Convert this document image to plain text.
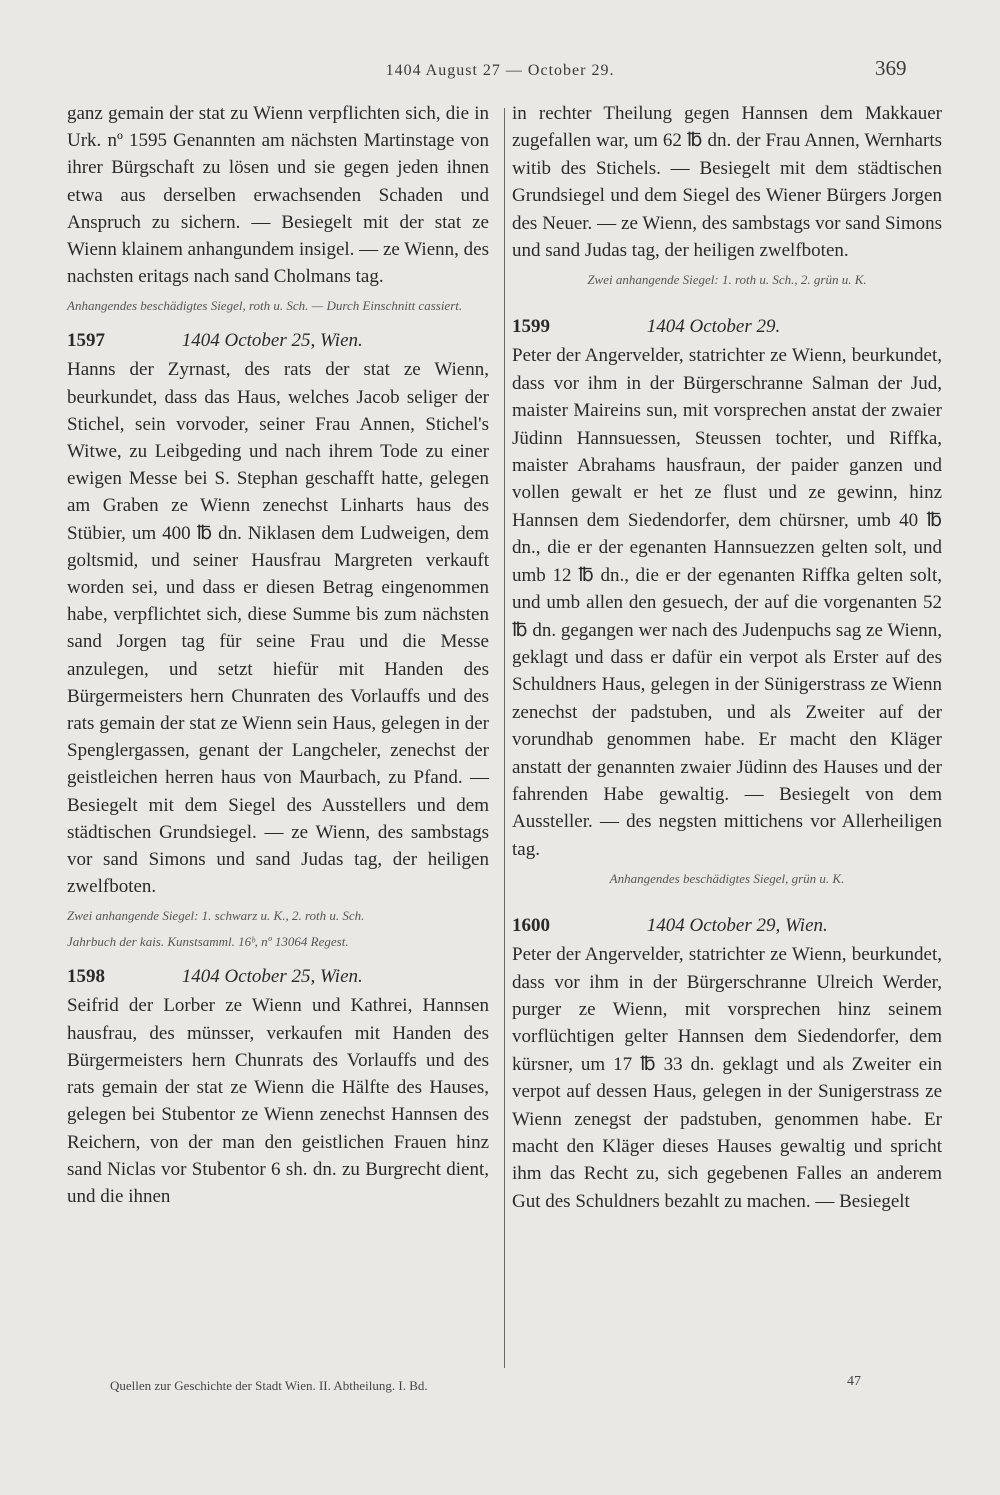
1404 August 27 — October 29.	369

ganz gemain der stat zu Wienn verpflichten sich, die in Urk. nº 1595 Genannten am nächsten Martinstage von ihrer Bürgschaft zu lösen und sie gegen jeden ihnen etwa aus derselben erwachsenden Schaden und Anspruch zu sichern. — Besiegelt mit der stat ze Wienn klainem anhangundem insigel. — ze Wienn, des nachsten eritags nach sand Cholmans tag.

Anhangendes beschädigtes Siegel, roth u. Sch. — Durch Einschnitt cassiert.

1597	1404 October 25, Wien.

Hanns der Zyrnast, des rats der stat ze Wienn, beurkundet, dass das Haus, welches Jacob seliger der Stichel, sein vorvoder, seiner Frau Annen, Stichel's Witwe, zu Leibgeding und nach ihrem Tode zu einer ewigen Messe bei S. Stephan geschafft hatte, gelegen am Graben ze Wienn zenechst Linharts haus des Stübier, um 400 ℔ dn. Niklasen dem Ludweigen, dem goltsmid, und seiner Hausfrau Margreten verkauft worden sei, und dass er diesen Betrag eingenommen habe, verpflichtet sich, diese Summe bis zum nächsten sand Jorgen tag für seine Frau und die Messe anzulegen, und setzt hiefür mit Handen des Bürgermeisters hern Chunraten des Vorlauffs und des rats gemain der stat ze Wienn sein Haus, gelegen in der Spenglergassen, genant der Langcheler, zenechst der geistleichen herren haus von Maurbach, zu Pfand. — Besiegelt mit dem Siegel des Ausstellers und dem städtischen Grundsiegel. — ze Wienn, des sambstags vor sand Simons und sand Judas tag, der heiligen zwelfboten.

Zwei anhangende Siegel: 1. schwarz u. K., 2. roth u. Sch.

Jahrbuch der kais. Kunstsamml. 16ᵇ, nº 13064 Regest.

1598	1404 October 25, Wien.

Seifrid der Lorber ze Wienn und Kathrei, Hannsen hausfrau, des münsser, verkaufen mit Handen des Bürgermeisters hern Chunrats des Vorlauffs und des rats gemain der stat ze Wienn die Hälfte des Hauses, gelegen bei Stubentor ze Wienn zenechst Hannsen des Reichern, von der man den geistlichen Frauen hinz sand Niclas vor Stubentor 6 sh. dn. zu Burgrecht dient, und die ihnen

in rechter Theilung gegen Hannsen dem Makkauer zugefallen war, um 62 ℔ dn. der Frau Annen, Wernharts witib des Stichels. — Besiegelt mit dem städtischen Grundsiegel und dem Siegel des Wiener Bürgers Jorgen des Neuer. — ze Wienn, des sambstags vor sand Simons und sand Judas tag, der heiligen zwelfboten.

Zwei anhangende Siegel: 1. roth u. Sch., 2. grün u. K.

1599	1404 October 29.

Peter der Angervelder, statrichter ze Wienn, beurkundet, dass vor ihm in der Bürgerschranne Salman der Jud, maister Maireins sun, mit vorsprechen anstat der zwaier Jüdinn Hannsuessen, Steussen tochter, und Riffka, maister Abrahams hausfraun, der paider ganzen und vollen gewalt er het ze flust und ze gewinn, hinz Hannsen dem Siedendorfer, dem chürsner, umb 40 ℔ dn., die er der egenanten Hannsuezzen gelten solt, und umb 12 ℔ dn., die er der egenanten Riffka gelten solt, und umb allen den gesuech, der auf die vorgenanten 52 ℔ dn. gegangen wer nach des Judenpuchs sag ze Wienn, geklagt und dass er dafür ein verpot als Erster auf des Schuldners Haus, gelegen in der Sünigerstrass ze Wienn zenechst der padstuben, und als Zweiter auf der vorundhab genommen habe. Er macht den Kläger anstatt der genannten zwaier Jüdinn des Hauses und der fahrenden Habe gewaltig. — Besiegelt von dem Aussteller. — des negsten mittichens vor Allerheiligen tag.

Anhangendes beschädigtes Siegel, grün u. K.

1600	1404 October 29, Wien.

Peter der Angervelder, statrichter ze Wienn, beurkundet, dass vor ihm in der Bürgerschranne Ulreich Werder, purger ze Wienn, mit vorsprechen hinz seinem vorflüchtigen gelter Hannsen dem Siedendorfer, dem kürsner, um 17 ℔ 33 dn. geklagt und als Zweiter ein verpot auf dessen Haus, gelegen in der Sunigerstrass ze Wienn zenegst der padstuben, genommen habe. Er macht den Kläger dieses Hauses gewaltig und spricht ihm das Recht zu, sich gegebenen Falles an anderem Gut des Schuldners bezahlt zu machen. — Besiegelt

Quellen zur Geschichte der Stadt Wien. II. Abtheilung. I. Bd.	47
